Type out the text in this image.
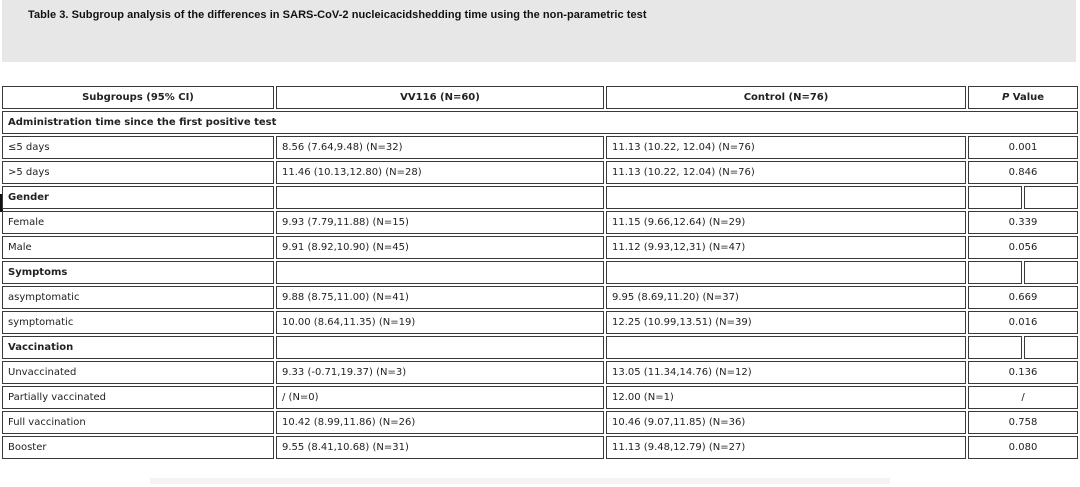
Table 3. Subgroup analysis of the differences in SARS-CoV-2 nucleicacidshedding time using the non-parametric test
Subgroups (95% CI)	VV116 (N=60)	Control (N=76)	P Value
Administration time since the first positive test
≤5 days	8.56 (7.64,9.48) (N=32)	11.13 (10.22, 12.04) (N=76)	0.001
>5 days	11.46 (10.13,12.80) (N=28)	11.13 (10.22, 12.04) (N=76)	0.846
Gender
Female	9.93 (7.79,11.88) (N=15)	11.15 (9.66,12.64) (N=29)	0.339
Male	9.91 (8.92,10.90) (N=45)	11.12 (9.93,12,31) (N=47)	0.056
Symptoms
asymptomatic	9.88 (8.75,11.00) (N=41)	9.95 (8.69,11.20) (N=37)	0.669
symptomatic	10.00 (8.64,11.35) (N=19)	12.25 (10.99,13.51) (N=39)	0.016
Vaccination
Unvaccinated	9.33 (-0.71,19.37) (N=3)	13.05 (11.34,14.76) (N=12)	0.136
Partially vaccinated	/ (N=0)	12.00 (N=1)	/
Full vaccination	10.42 (8.99,11.86) (N=26)	10.46 (9.07,11.85) (N=36)	0.758
Booster	9.55 (8.41,10.68) (N=31)	11.13 (9.48,12.79) (N=27)	0.080
